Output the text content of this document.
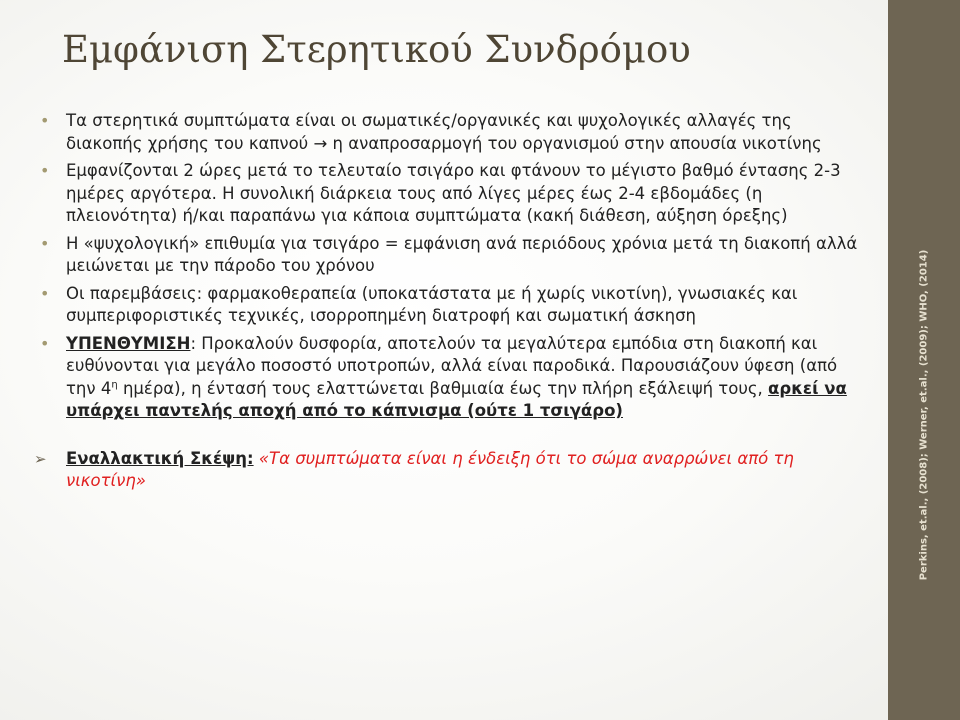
Perkins, et.al., (2008); Werner, et.al., (2009); WHO, (2014)
Εμφάνιση Στερητικού Συνδρόμου

• Τα στερητικά συμπτώματα είναι οι σωματικές/οργανικές και ψυχολογικές αλλαγές της διακοπής χρήσης του καπνού → η αναπροσαρμογή του οργανισμού στην απουσία νικοτίνης

• Εμφανίζονται 2 ώρες μετά το τελευταίο τσιγάρο και φτάνουν το μέγιστο βαθμό έντασης 2-3 ημέρες αργότερα. Η συνολική διάρκεια τους από λίγες μέρες έως 2-4 εβδομάδες (η πλειονότητα) ή/και παραπάνω για κάποια συμπτώματα (κακή διάθεση, αύξηση όρεξης)

• Η «ψυχολογική» επιθυμία για τσιγάρο = εμφάνιση ανά περιόδους χρόνια μετά τη διακοπή αλλά μειώνεται με την πάροδο του χρόνου

• Οι παρεμβάσεις: φαρμακοθεραπεία (υποκατάστατα με ή χωρίς νικοτίνη), γνωσιακές και συμπεριφοριστικές τεχνικές, ισορροπημένη διατροφή και σωματική άσκηση

• ΥΠΕΝΘΥΜΙΣΗ: Προκαλούν δυσφορία, αποτελούν τα μεγαλύτερα εμπόδια στη διακοπή και ευθύνονται για μεγάλο ποσοστό υποτροπών, αλλά είναι παροδικά. Παρουσιάζουν ύφεση (από την $4^\eta$ ημέρα), η έντασή τους ελαττώνεται βαθμιαία έως την πλήρη εξάλειψή τους, αρκεί να υπάρχει παντελής αποχή από το κάπνισμα (ούτε 1 τσιγάρο)

➢ Εναλλακτική Σκέψη: «Τα συμπτώματα είναι η ένδειξη ότι το σώμα αναρρώνει από τη νικοτίνη»
